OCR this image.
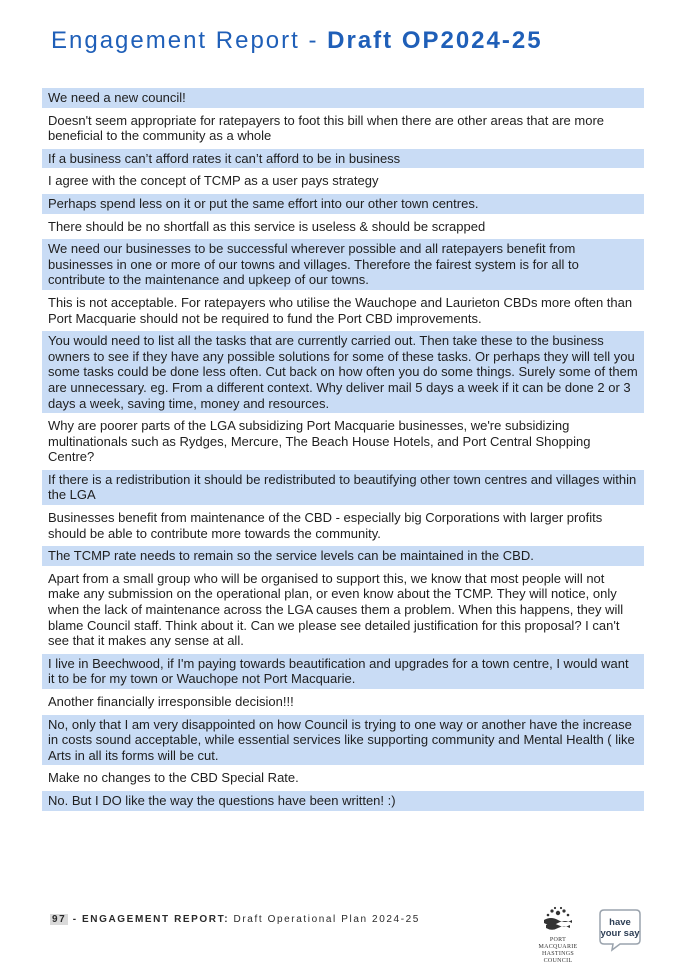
Engagement Report - Draft OP2024-25
We need a new council!
Doesn't seem appropriate for ratepayers to foot this bill when there are other areas that are more beneficial to the community as a whole
If a business can’t afford rates it can’t afford to be in business
I agree with the concept of TCMP as a user pays strategy
Perhaps spend less on it or put the same effort into our other town centres.
There should be no shortfall as this service is useless & should be scrapped
We need our businesses to be successful wherever possible and all ratepayers benefit from businesses in one or more of our towns and villages. Therefore the fairest system is for all to contribute to the maintenance and upkeep of our towns.
This is not acceptable. For ratepayers who utilise the Wauchope and Laurieton CBDs more often than Port Macquarie should not be required to fund the Port CBD improvements.
You would need to list all the tasks that are currently carried out. Then take these to the business owners to see if they have any possible solutions for some of these tasks. Or perhaps they will tell you some tasks could be done less often. Cut back on how often you do some things. Surely some of them are unnecessary. eg. From a different context. Why deliver mail 5 days a week if it can be done 2 or 3 days a week, saving time, money and resources.
Why are poorer parts of the LGA subsidizing Port Macquarie businesses, we're subsidizing multinationals such as Rydges, Mercure, The Beach House Hotels, and Port Central Shopping Centre?
If there is a redistribution it should be redistributed to beautifying other town centres and villages within the LGA
Businesses benefit from maintenance of the CBD - especially big Corporations with larger profits should be able to contribute more towards the community.
The TCMP rate needs to remain so the service levels can be maintained in the CBD.
Apart from a small group who will be organised to support this, we know that most people will not make any submission on the operational plan, or even know about the TCMP. They will notice, only when the lack of maintenance across the LGA causes them a problem. When this happens, they will blame Council staff. Think about it. Can we please see detailed justification for this proposal? I can't see that it makes any sense at all.
I live in Beechwood, if I'm paying towards beautification and upgrades for a town centre, I would want it to be for my town or Wauchope not Port Macquarie.
Another financially irresponsible decision!!!
No, only that I am very disappointed on how Council is trying to one way or another have the increase in costs sound acceptable, while essential services like supporting community and Mental Health ( like Arts in all its forms will be cut.
Make no changes to the CBD Special Rate.
No. But I DO like the way the questions have been written! :)
97 - ENGAGEMENT REPORT: Draft Operational Plan 2024-25
PORT MACQUARIE
HASTINGS COUNCIL
have
your say
